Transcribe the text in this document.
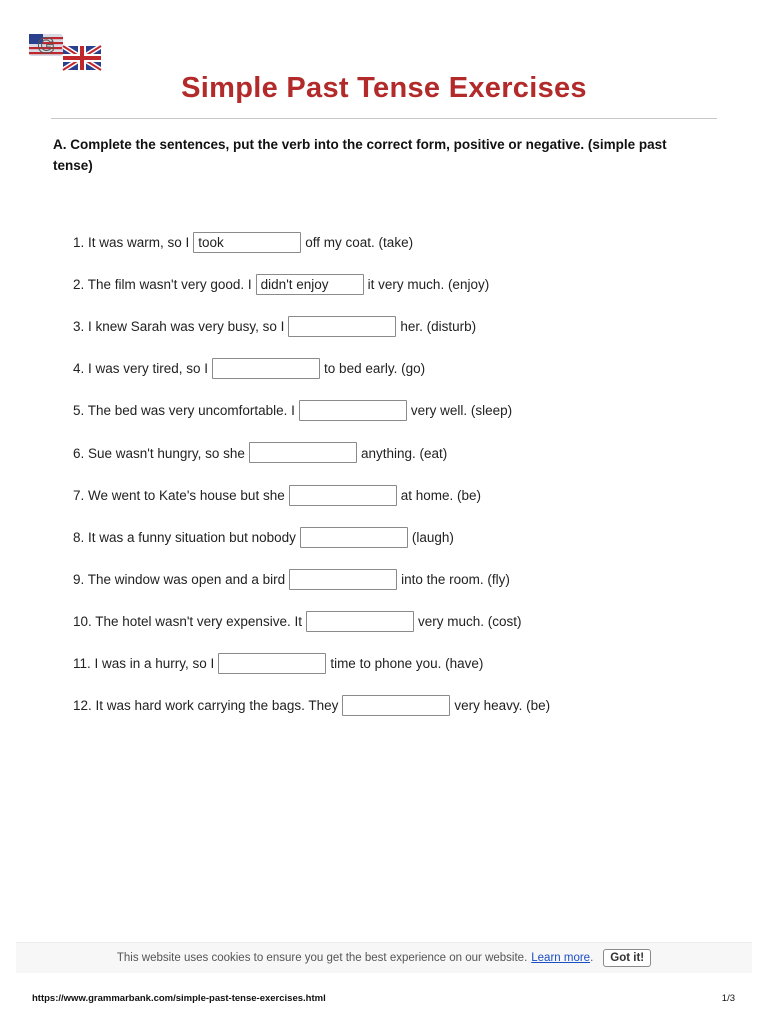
G
Simple Past Tense Exercises
A. Complete the sentences, put the verb into the correct form, positive or negative. (simple past tense)
1. It was warm, so I took	off my coat. (take)
2. The film wasn't very good. I didn't enjoy	it very much. (enjoy)
3. I knew Sarah was very busy, so I	her. (disturb)
4. I was very tired, so I	to bed early. (go)
5. The bed was very uncomfortable. I	very well. (sleep)
6. Sue wasn't hungry, so she	anything. (eat)
7. We went to Kate's house but she	at home. (be)
8. It was a funny situation but nobody	(laugh)
9. The window was open and a bird	into the room. (fly)
10. The hotel wasn't very expensive. It	very much. (cost)
11. I was in a hurry, so I	time to phone you. (have)
12. It was hard work carrying the bags. They	very heavy. (be)
This website uses cookies to ensure you get the best experience on our website. Learn more .	Got it!
https://www.grammarbank.com/simple-past-tense-exercises.html	1/3
